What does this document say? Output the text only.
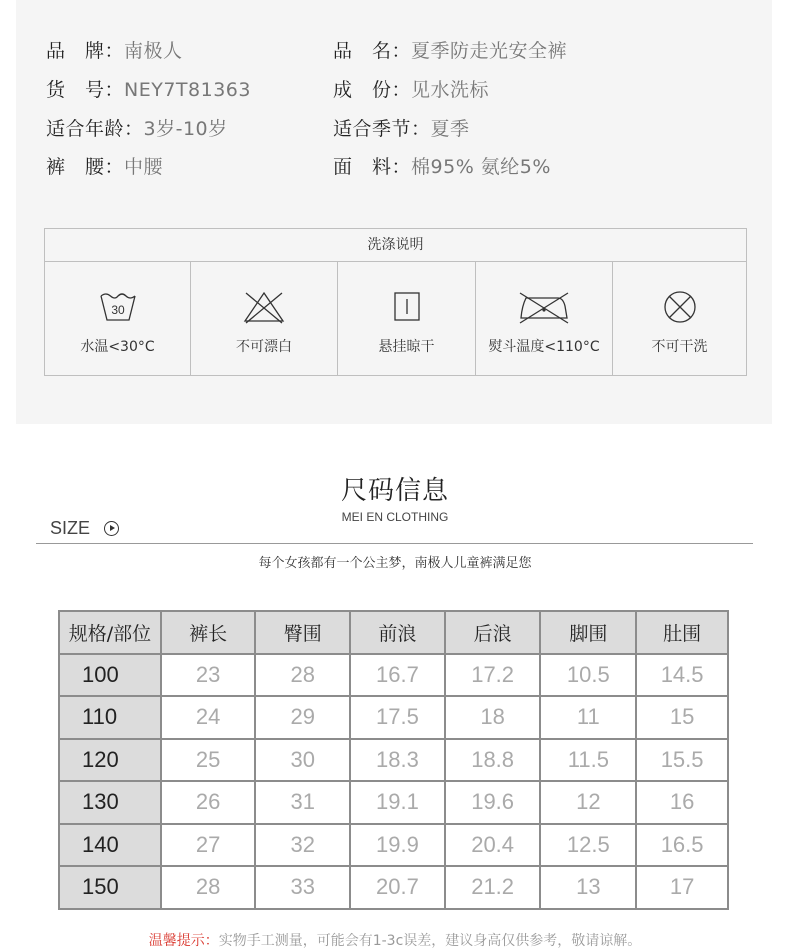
品　牌：南极人	品　名：夏季防走光安全裤
货　号：NEY7T81363	成　份：见水洗标
适合年龄：3岁-10岁	适合季节：夏季
裤　腰：中腰	面　料：棉95% 氨纶5%
洗涤说明
30
水温<30°C	不可漂白	悬挂晾干	熨斗温度<110°C	不可干洗
尺码信息
MEI EN CLOTHING
SIZE
每个女孩都有一个公主梦，南极人儿童裤满足您
规格/部位	裤长	臀围	前浪	后浪	脚围	肚围
100	23	28	16.7	17.2	10.5	14.5
110	24	29	17.5	18	11	15
120	25	30	18.3	18.8	11.5	15.5
130	26	31	19.1	19.6	12	16
140	27	32	19.9	20.4	12.5	16.5
150	28	33	20.7	21.2	13	17
温馨提示：实物手工测量，可能会有1-3c误差，建议身高仅供参考，敬请谅解。
